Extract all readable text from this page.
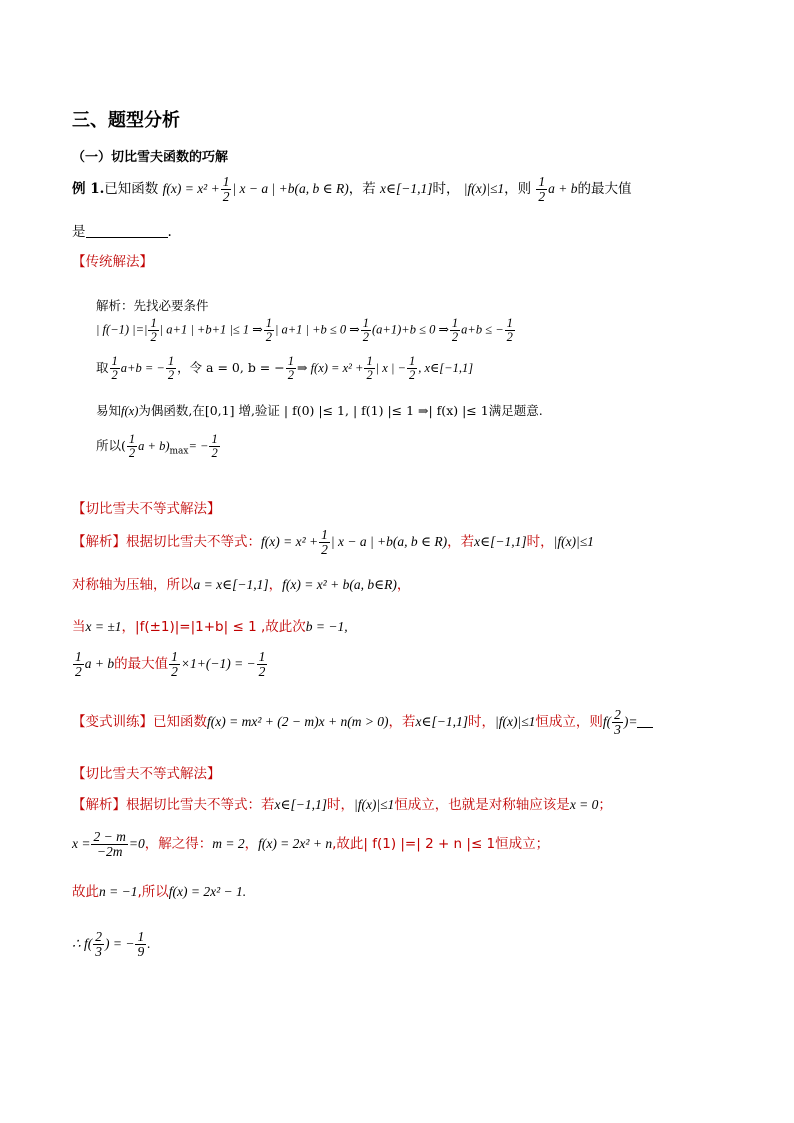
三、题型分析
（一）切比雪夫函数的巧解
例 1.已知函数 $f(x) = x^2 + \frac{1}{2}$ | x − a | +b(a, b ∈ R)，若 x∈[−1,1]时， |f(x)|≤1，则 $\frac{1}{2}$ a + b的最大值
是	.
【传统解法】
解析：先找必要条件
| f(−1) |=| $\frac{1}{2}$ | a+1 | +b+1 |≤ 1 ⇒ $\frac{1}{2}$ | a+1 | +b ≤ 0 ⇒ $\frac{1}{2} (a+1)+b \le 0$ ⇒ $\frac{1}{2} a+b$ ≤ − $\frac{1}{2}$
取 $\frac{1}{2} a+b$ = − $\frac{1}{2}$ ，令 a = 0, b = − $\frac{1}{2}$ ⇒ $f(x) = x^2 + \frac{1}{2}$ | x | − $\frac{1}{2}$ , x∈[−1,1]
易知f(x)为偶函数,在[0,1] 增,验证 | f(0) |≤ 1, | f(1) |≤ 1 ⇒| f(x) |≤ 1满足题意.
所以( $\frac{1}{2}$ $a + b)_{max}= - \frac{1}{2}$
【切比雪夫不等式解法】
【解析】根据切比雪夫不等式：$f(x) = x^2 + \frac{1}{2}$ | x − a | +b(a, b ∈ R)，若x∈[−1,1]时，|f(x)|≤1
对称轴为压轴，所以a = x∈[−1,1]，f(x) = x² + b(a, b∈R)，
当x = ±1，|f(±1)|=|1+b| ≤ 1 ,故此次b = −1,
$\frac{1}{2}$ a + b的最大值 $\frac{1}{2} \times 1+(-1)$ = − $\frac{1}{2}$
【变式训练】已知函数f(x) = mx² + (2 − m)x + n(m > 0)，若x∈[−1,1]时，|f(x)|≤1恒成立，则$f( \frac{2}{3}$ )=
【切比雪夫不等式解法】
【解析】根据切比雪夫不等式：若x∈[−1,1]时，|f(x)|≤1恒成立，也就是对称轴应该是x = 0；
$x = \frac{2 - m}{-2m} =0$，解之得：m = 2，f(x) = 2x² + n,故此| f(1) |=| 2 + n |≤ 1恒成立；
故此n = −1,所以f(x) = 2x² − 1.
∴ $f( \frac{2}{3}$ ) = − $\frac{1}{9}$ .
